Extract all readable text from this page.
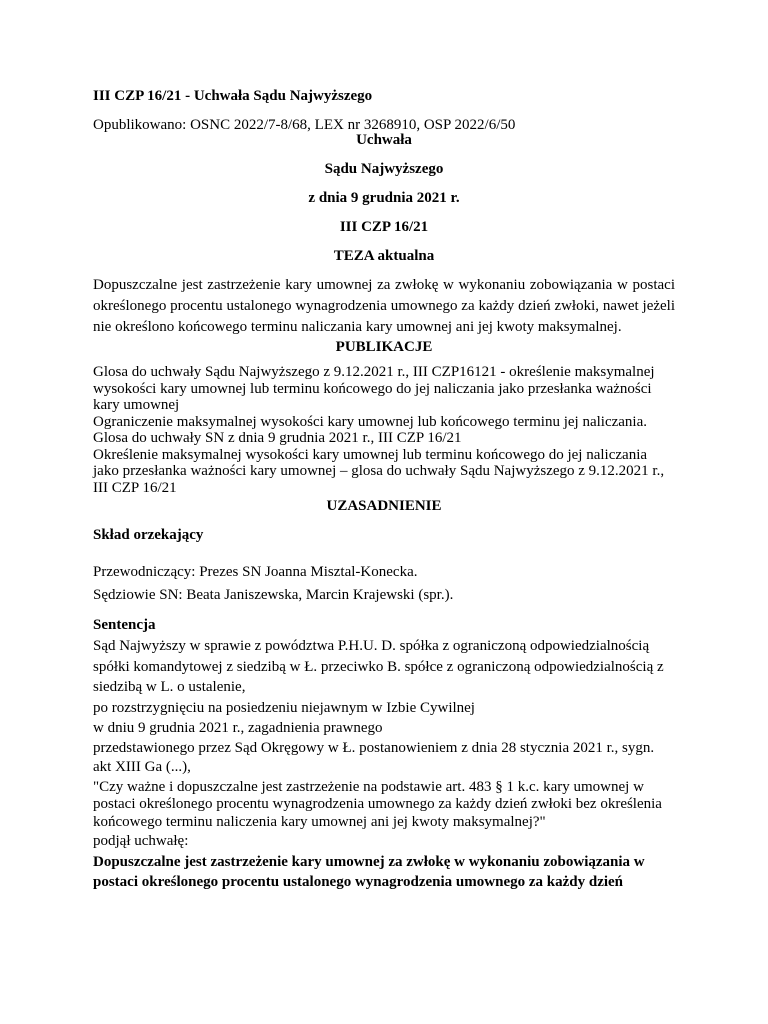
III CZP 16/21 - Uchwała Sądu Najwyższego

Opublikowano: OSNC 2022/7-8/68, LEX nr 3268910, OSP 2022/6/50

Uchwała

Sądu Najwyższego

z dnia 9 grudnia 2021 r.

III CZP 16/21

TEZA aktualna

Dopuszczalne jest zastrzeżenie kary umownej za zwłokę w wykonaniu zobowiązania w postaci określonego procentu ustalonego wynagrodzenia umownego za każdy dzień zwłoki, nawet jeżeli nie określono końcowego terminu naliczania kary umownej ani jej kwoty maksymalnej.

PUBLIKACJE

Glosa do uchwały Sądu Najwyższego z 9.12.2021 r., III CZP16121 - określenie maksymalnej wysokości kary umownej lub terminu końcowego do jej naliczania jako przesłanka ważności kary umownej

Ograniczenie maksymalnej wysokości kary umownej lub końcowego terminu jej naliczania. Glosa do uchwały SN z dnia 9 grudnia 2021 r., III CZP 16/21

Określenie maksymalnej wysokości kary umownej lub terminu końcowego do jej naliczania jako przesłanka ważności kary umownej – glosa do uchwały Sądu Najwyższego z 9.12.2021 r., III CZP 16/21

UZASADNIENIE

Skład orzekający

Przewodniczący: Prezes SN Joanna Misztal-Konecka.

Sędziowie SN: Beata Janiszewska, Marcin Krajewski (spr.).

Sentencja

Sąd Najwyższy w sprawie z powództwa P.H.U. D. spółka z ograniczoną odpowiedzialnością spółki komandytowej z siedzibą w Ł. przeciwko B. spółce z ograniczoną odpowiedzialnością z siedzibą w L. o ustalenie,

po rozstrzygnięciu na posiedzeniu niejawnym w Izbie Cywilnej

w dniu 9 grudnia 2021 r., zagadnienia prawnego

przedstawionego przez Sąd Okręgowy w Ł. postanowieniem z dnia 28 stycznia 2021 r., sygn. akt XIII Ga (...),

"Czy ważne i dopuszczalne jest zastrzeżenie na podstawie art. 483 § 1 k.c. kary umownej w postaci określonego procentu wynagrodzenia umownego za każdy dzień zwłoki bez określenia końcowego terminu naliczenia kary umownej ani jej kwoty maksymalnej?"

podjął uchwałę:

Dopuszczalne jest zastrzeżenie kary umownej za zwłokę w wykonaniu zobowiązania w postaci określonego procentu ustalonego wynagrodzenia umownego za każdy dzień
